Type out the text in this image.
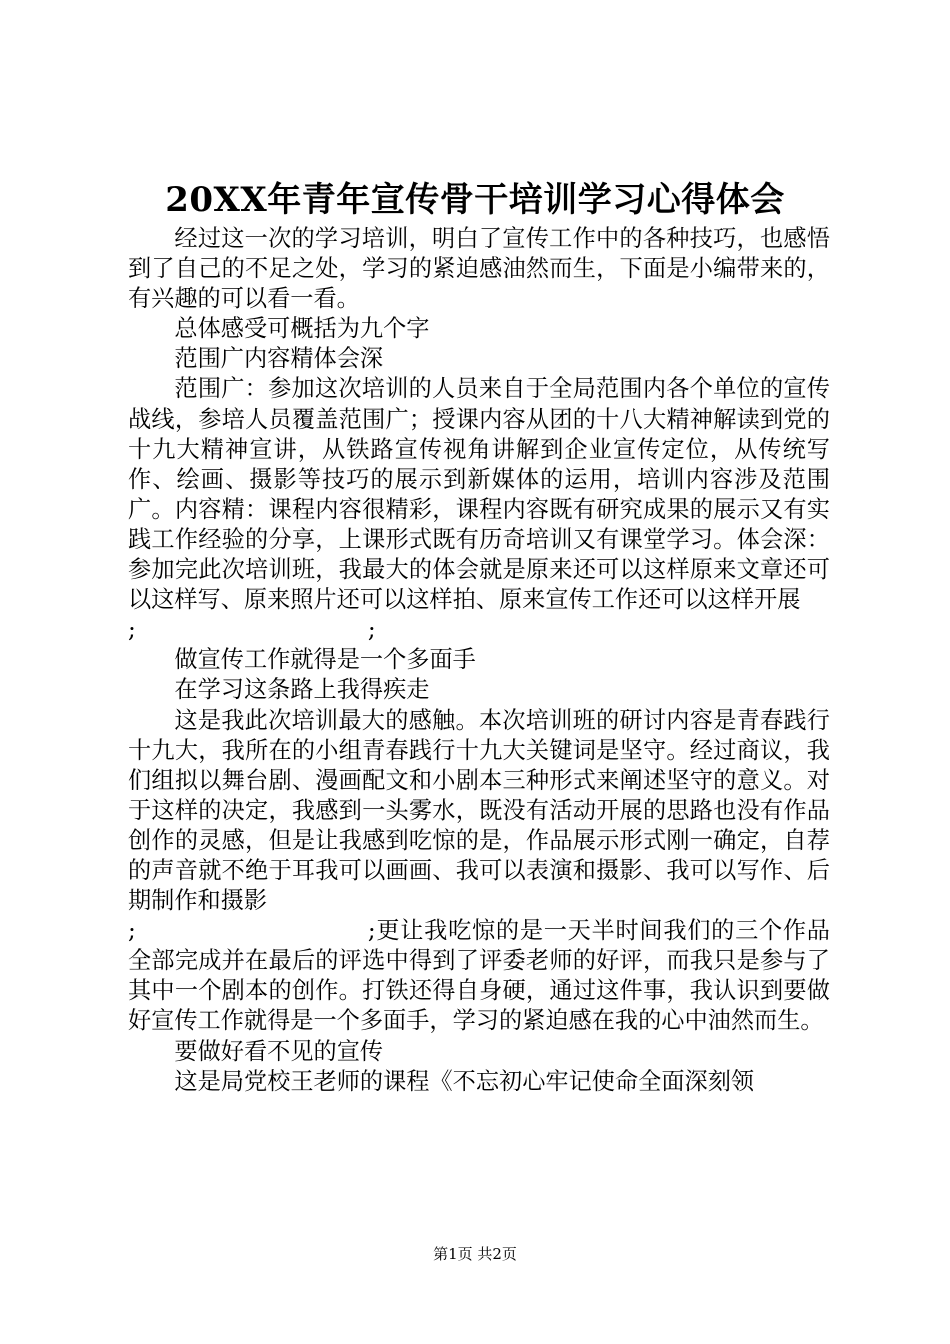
20XX年青年宣传骨干培训学习心得体会

经过这一次的学习培训，明白了宣传工作中的各种技巧，也感悟到了自己的不足之处，学习的紧迫感油然而生，下面是小编带来的，有兴趣的可以看一看。

总体感受可概括为九个字

范围广内容精体会深

范围广：参加这次培训的人员来自于全局范围内各个单位的宣传战线，参培人员覆盖范围广；授课内容从团的十八大精神解读到党的十九大精神宣讲，从铁路宣传视角讲解到企业宣传定位，从传统写作、绘画、摄影等技巧的展示到新媒体的运用，培训内容涉及范围广。内容精：课程内容很精彩，课程内容既有研究成果的展示又有实践工作经验的分享，上课形式既有历奇培训又有课堂学习。体会深：参加完此次培训班，我最大的体会就是原来还可以这样原来文章还可以这样写、原来照片还可以这样拍、原来宣传工作还可以这样开展
;	;

做宣传工作就得是一个多面手

在学习这条路上我得疾走

这是我此次培训最大的感触。本次培训班的研讨内容是青春践行十九大，我所在的小组青春践行十九大关键词是坚守。经过商议，我们组拟以舞台剧、漫画配文和小剧本三种形式来阐述坚守的意义。对于这样的决定，我感到一头雾水，既没有活动开展的思路也没有作品创作的灵感，但是让我感到吃惊的是，作品展示形式刚一确定，自荐的声音就不绝于耳我可以画画、我可以表演和摄影、我可以写作、后期制作和摄影
;	;更让我吃惊的是一天半时间我们的三个作品全部完成并在最后的评选中得到了评委老师的好评，而我只是参与了其中一个剧本的创作。打铁还得自身硬，通过这件事，我认识到要做好宣传工作就得是一个多面手，学习的紧迫感在我的心中油然而生。

要做好看不见的宣传

这是局党校王老师的课程《不忘初心牢记使命全面深刻领

第1页 共2页
